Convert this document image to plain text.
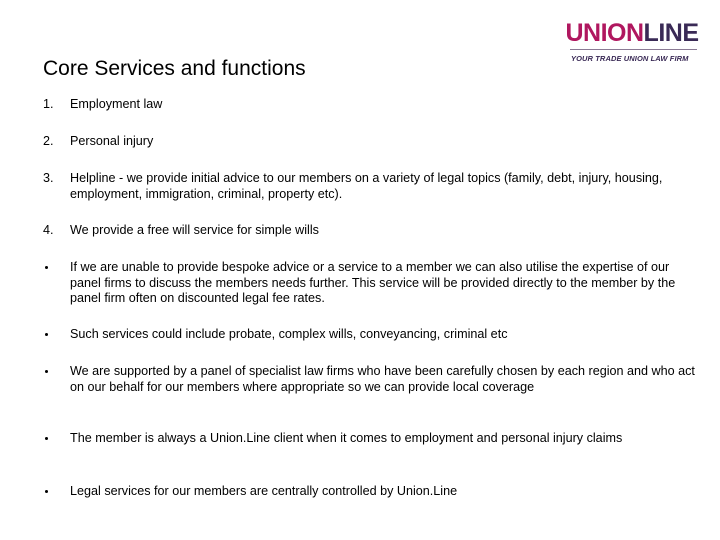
UNIONLINE
YOUR TRADE UNION LAW FIRM
Core Services and functions
1.	Employment law
2.	Personal injury
3.	Helpline - we provide initial advice to our members on a variety of legal topics (family, debt, injury, housing, employment, immigration, criminal, property etc).
4.	We provide a free will service for simple wills
If we are unable to provide bespoke advice or a service to a member we can also utilise the expertise of our panel firms to discuss the members needs further. This service will be provided directly to the member by the panel firm often on discounted legal fee rates.
Such services could include probate, complex wills, conveyancing, criminal etc
We are supported by a panel of specialist law firms who have been carefully chosen by each region and who act on our behalf for our members where appropriate so we can provide local coverage
The member is always a Union.Line client when it comes to employment and personal injury claims
Legal services for our members are centrally controlled by Union.Line
